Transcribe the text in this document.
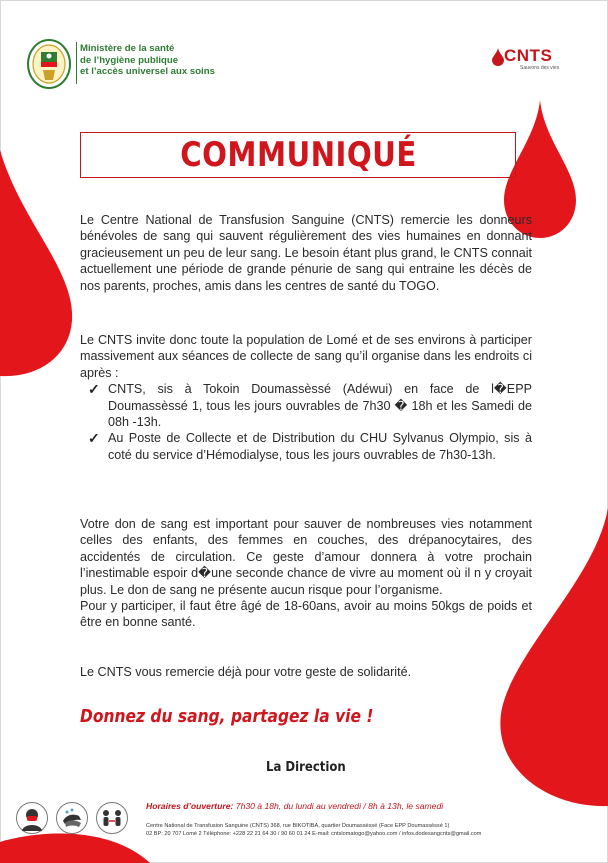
Ministère de la santé
de l’hygiène publique
et l’accès universel aux soins
CNTS
Sauvons des vies
COMMUNIQUÉ

Le Centre National de Transfusion Sanguine (CNTS) remercie les donneurs bénévoles de sang qui sauvent régulièrement des vies humaines en donnant gracieusement un peu de leur sang. Le besoin étant plus grand, le CNTS connait actuellement une période de grande pénurie de sang qui entraine les décès de nos parents, proches, amis dans les centres de santé du TOGO.

Le CNTS invite donc toute la population de Lomé et de ses environs à participer massivement aux séances de collecte de sang qu’il organise dans les endroits ci après :

✓ CNTS, sis à Tokoin Doumassèssé (Adéwui) en face de l�EPP Doumassèssé 1, tous les jours ouvrables de 7h30 � 18h et les Samedi de 08h -13h.
✓ Au Poste de Collecte et de Distribution du CHU Sylvanus Olympio, sis à coté du service d’Hémodialyse, tous les jours ouvrables de 7h30-13h.

Votre don de sang est important pour sauver de nombreuses vies notamment celles des enfants, des femmes en couches, des drépanocytaires, des accidentés de circulation. Ce geste d’amour donnera à votre prochain l’inestimable espoir d�une seconde chance de vivre au moment où il n y croyait plus. Le don de sang ne présente aucun risque pour l’organisme.

Pour y participer, il faut être âgé de 18-60ans, avoir au moins 50kgs de poids et être en bonne santé.

Le CNTS vous remercie déjà pour votre geste de solidarité.

Donnez du sang, partagez la vie !
La Direction
Horaires d’ouverture: 7h30 à 18h, du lundi au vendredi / 8h à 13h, le samedi
Centre National de Transfusion Sanguine (CNTS) 368, rue BIKOTIBA, quartier Doumassèssé (Face EPP Doumassèssé 1)
02 BP: 20 707 Lomé 2 Téléphone: +228 22 21 64 30 / 90 60 01 24 E-mail: cntslomatogo@yahoo.com / infos.dodesangcnts@gmail.com
